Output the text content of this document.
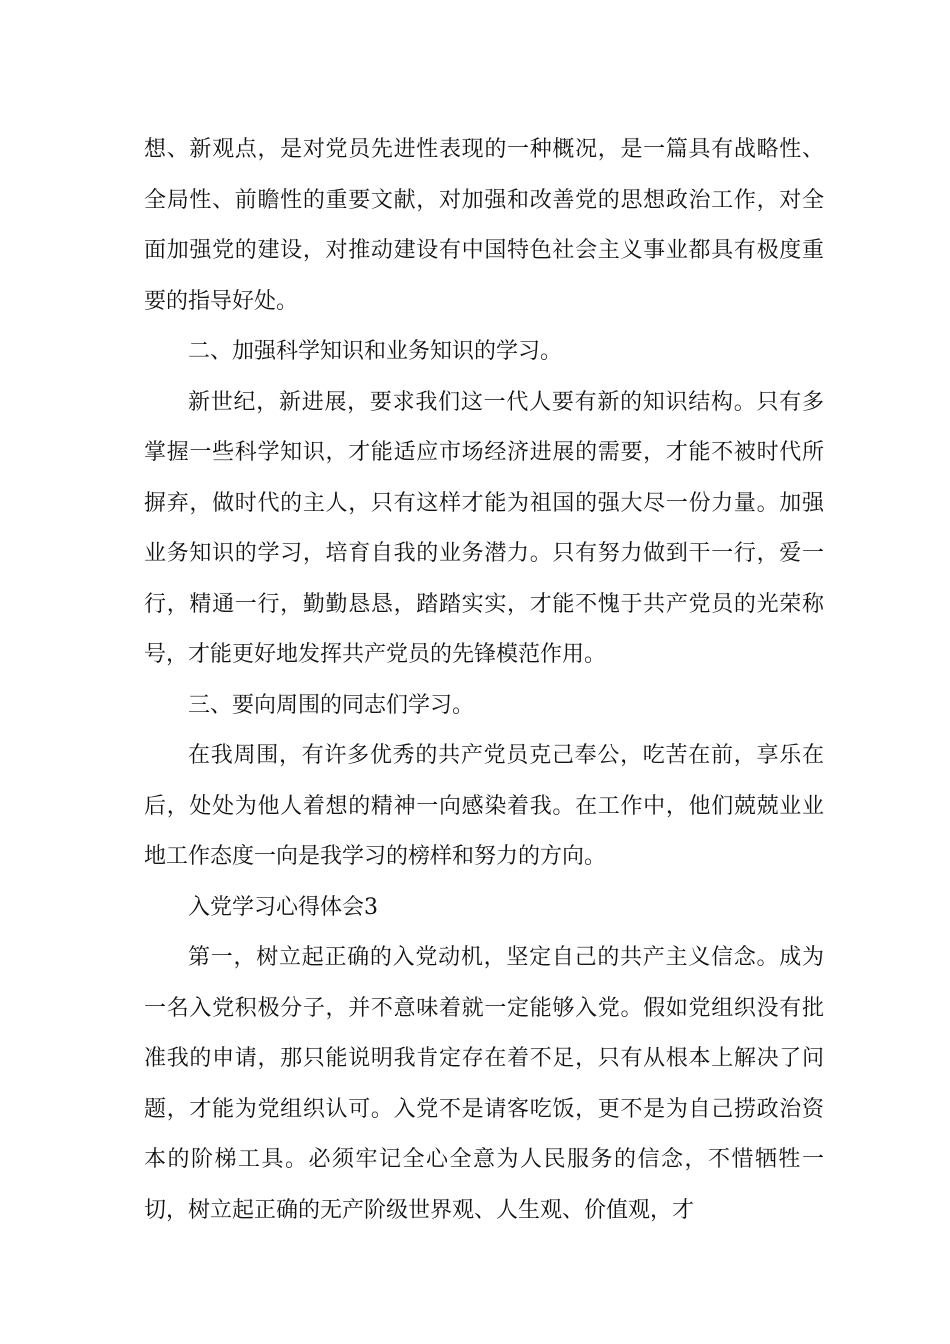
想、新观点，是对党员先进性表现的一种概况，是一篇具有战略性、全局性、前瞻性的重要文献，对加强和改善党的思想政治工作，对全面加强党的建设，对推动建设有中国特色社会主义事业都具有极度重要的指导好处。

二、加强科学知识和业务知识的学习。

新世纪，新进展，要求我们这一代人要有新的知识结构。只有多掌握一些科学知识，才能适应市场经济进展的需要，才能不被时代所摒弃，做时代的主人，只有这样才能为祖国的强大尽一份力量。加强业务知识的学习，培育自我的业务潜力。只有努力做到干一行，爱一行，精通一行，勤勤恳恳，踏踏实实，才能不愧于共产党员的光荣称号，才能更好地发挥共产党员的先锋模范作用。

三、要向周围的同志们学习。

在我周围，有许多优秀的共产党员克己奉公，吃苦在前，享乐在后，处处为他人着想的精神一向感染着我。在工作中，他们兢兢业业地工作态度一向是我学习的榜样和努力的方向。

入党学习心得体会3

第一，树立起正确的入党动机，坚定自己的共产主义信念。成为一名入党积极分子，并不意味着就一定能够入党。假如党组织没有批准我的申请，那只能说明我肯定存在着不足，只有从根本上解决了问题，才能为党组织认可。入党不是请客吃饭，更不是为自己捞政治资本的阶梯工具。必须牢记全心全意为人民服务的信念，不惜牺牲一切，树立起正确的无产阶级世界观、人生观、价值观，才
